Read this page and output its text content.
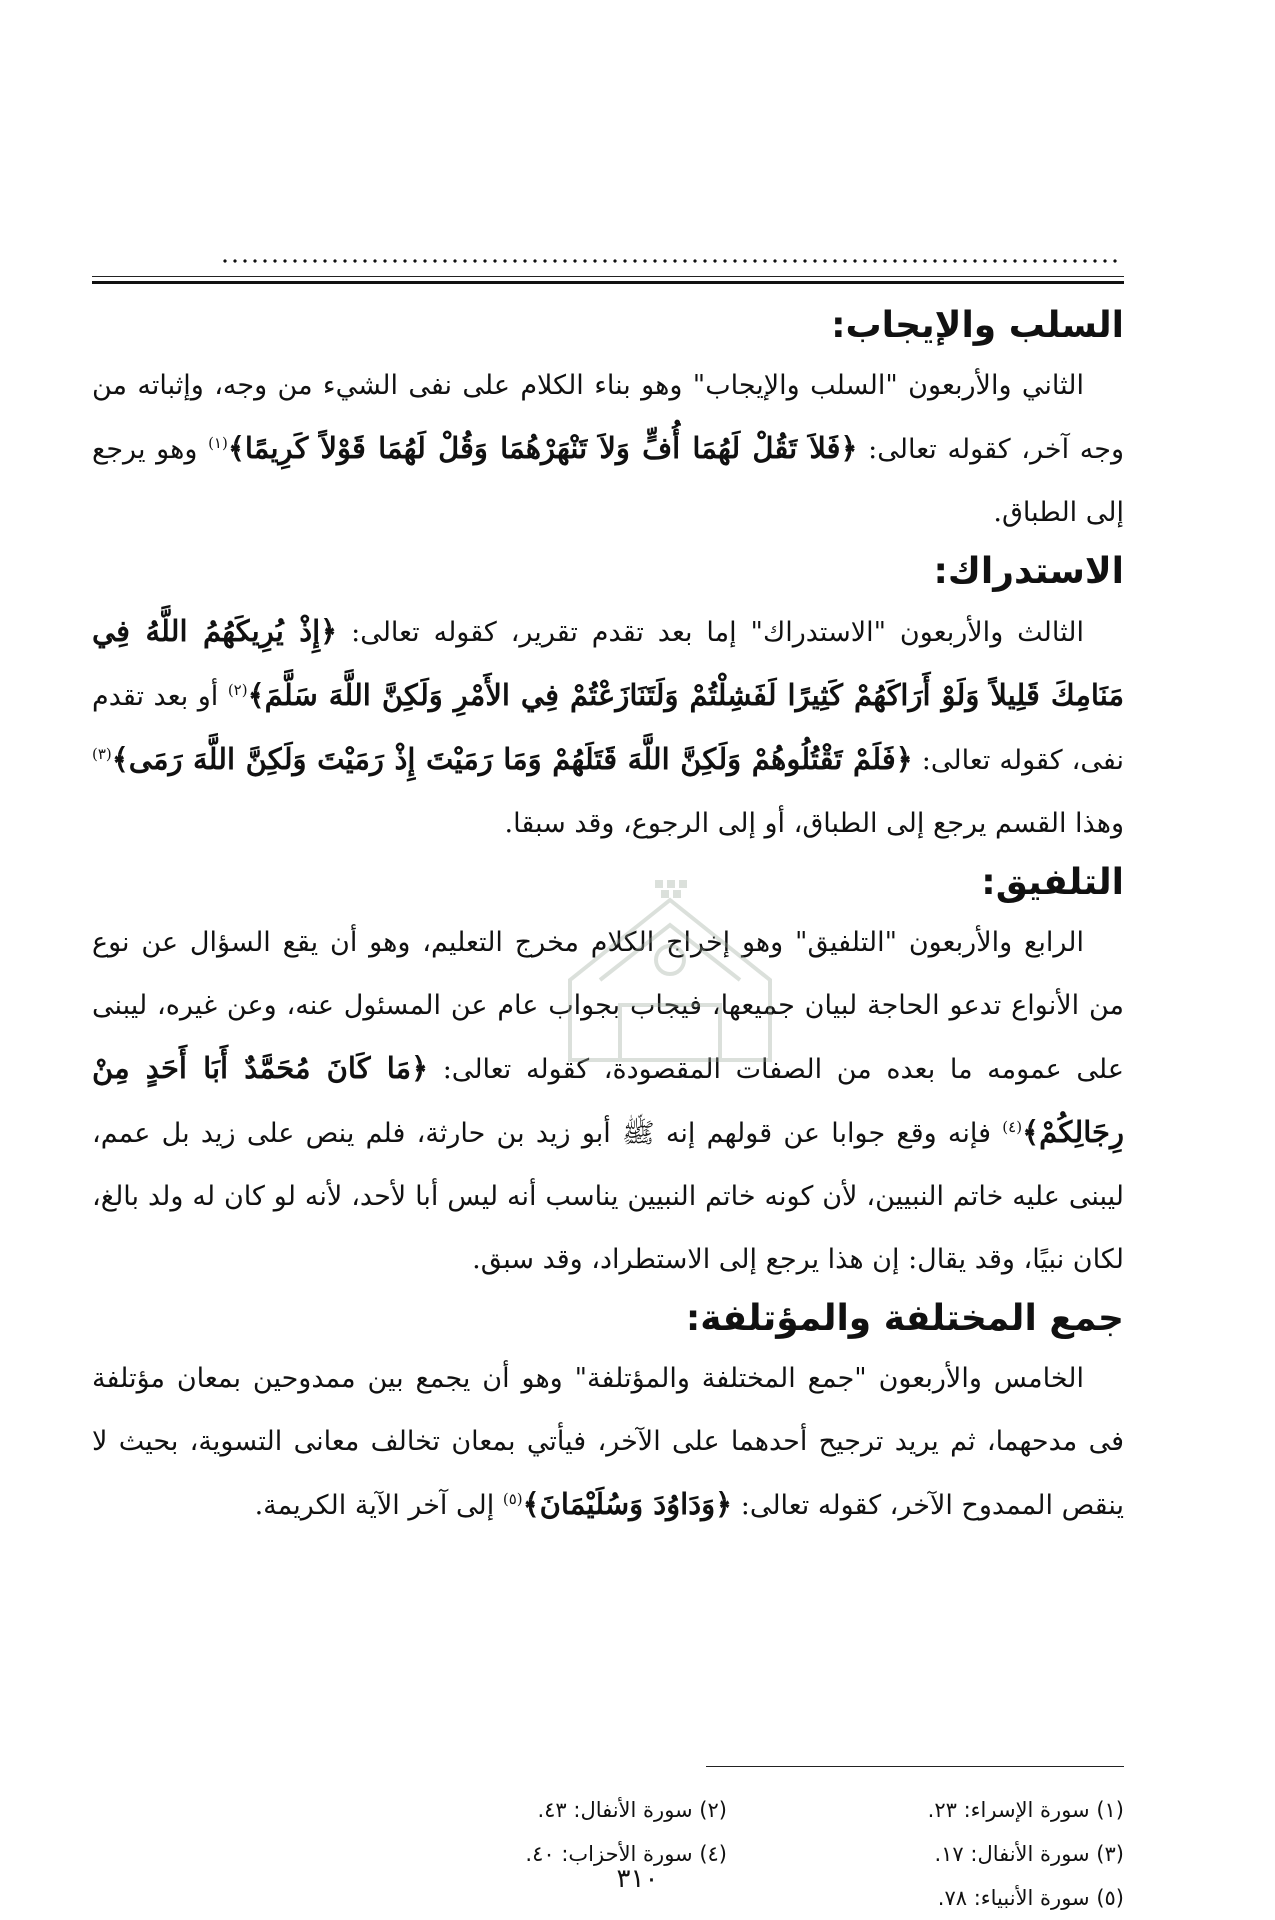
السلب والإيجاب:

الثاني والأربعون "السلب والإيجاب" وهو بناء الكلام على نفى الشيء من وجه، وإثباته من وجه آخر، كقوله تعالى: ﴿فَلاَ تَقُلْ لَهُمَا أُفٍّ وَلاَ تَنْهَرْهُمَا وَقُلْ لَهُمَا قَوْلاً كَرِيمًا﴾$^{(١)}$ وهو يرجع إلى الطباق.

الاستدراك:

الثالث والأربعون "الاستدراك" إما بعد تقدم تقرير، كقوله تعالى: ﴿إِذْ يُرِيكَهُمُ اللَّهُ فِي مَنَامِكَ قَلِيلاً وَلَوْ أَرَاكَهُمْ كَثِيرًا لَفَشِلْتُمْ وَلَتَنَازَعْتُمْ فِي الأَمْرِ وَلَكِنَّ اللَّهَ سَلَّمَ﴾$^{(٢)}$ أو بعد تقدم نفى، كقوله تعالى: ﴿فَلَمْ تَقْتُلُوهُمْ وَلَكِنَّ اللَّهَ قَتَلَهُمْ وَمَا رَمَيْتَ إِذْ رَمَيْتَ وَلَكِنَّ اللَّهَ رَمَى﴾$^{(٣)}$ وهذا القسم يرجع إلى الطباق، أو إلى الرجوع، وقد سبقا.

التلفيق:

الرابع والأربعون "التلفيق" وهو إخراج الكلام مخرج التعليم، وهو أن يقع السؤال عن نوع من الأنواع تدعو الحاجة لبيان جميعها، فيجاب بجواب عام عن المسئول عنه، وعن غيره، ليبنى على عمومه ما بعده من الصفات المقصودة، كقوله تعالى: ﴿مَا كَانَ مُحَمَّدٌ أَبَا أَحَدٍ مِنْ رِجَالِكُمْ﴾$^{(٤)}$ فإنه وقع جوابا عن قولهم إنه ﷺ أبو زيد بن حارثة، فلم ينص على زيد بل عمم، ليبنى عليه خاتم النبيين، لأن كونه خاتم النبيين يناسب أنه ليس أبا لأحد، لأنه لو كان له ولد بالغ، لكان نبيًا، وقد يقال: إن هذا يرجع إلى الاستطراد، وقد سبق.

جمع المختلفة والمؤتلفة:

الخامس والأربعون "جمع المختلفة والمؤتلفة" وهو أن يجمع بين ممدوحين بمعان مؤتلفة فى مدحهما، ثم يريد ترجيح أحدهما على الآخر، فيأتي بمعان تخالف معانى التسوية، بحيث لا ينقص الممدوح الآخر، كقوله تعالى: ﴿وَدَاوُدَ وَسُلَيْمَانَ﴾$^{(٥)}$ إلى آخر الآية الكريمة.

(١) سورة الإسراء: ٢٣.
(٢) سورة الأنفال: ٤٣.
(٣) سورة الأنفال: ١٧.
(٤) سورة الأحزاب: ٤٠.
(٥) سورة الأنبياء: ٧٨.
٣١٠
